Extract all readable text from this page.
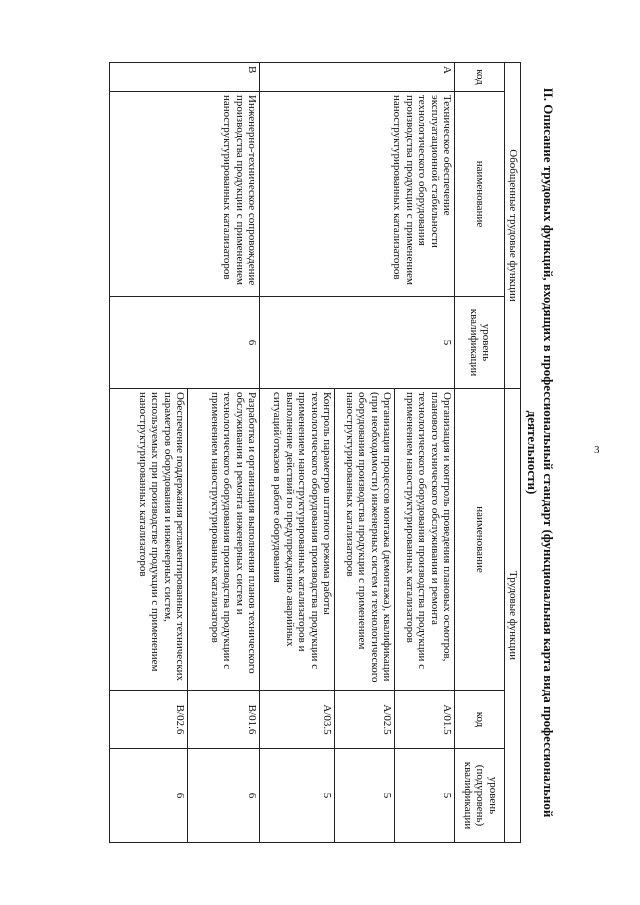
3
II. Описание трудовых функций, входящих в профессиональный стандарт (функциональная карта вида профессиональной деятельности)
Обобщенные трудовые функции			Трудовые функции		
код	наименование	уровень квалификации	наименование	код	уровень (подуровень) квалификации
A	Техническое обеспечение эксплуатационной стабильности технологического оборудования производства продукции с применением наноструктурированных катализаторов	5	Организация и контроль проведения плановых осмотров, планового технического обслуживания и ремонта технологического оборудования производства продукции с применением наноструктурированных катализаторов	A/01.5	5
			Организация процессов монтажа (демонтажа), квалификации (при необходимости) инженерных систем и технологического оборудования производства продукции с применением наноструктурированных катализаторов	A/02.5	5
			Контроль параметров штатного режима работы технологического оборудования производства продукции с применением наноструктурированных катализаторов и выполнение действий по предупреждению аварийных ситуаций/отказов в работе оборудования	A/03.5	5
B	Инженерно-техническое сопровождение производства продукции с применением наноструктурированных катализаторов	6	Разработка и организация выполнения планов технического обслуживания и ремонта инженерных систем и технологического оборудования производства продукции с применением наноструктурированных катализаторов	B/01.6	6
			Обеспечение поддержания регламентированных технических параметров оборудования и инженерных систем, используемых при производстве продукции с применением наноструктурированных катализаторов	B/02.6	6
